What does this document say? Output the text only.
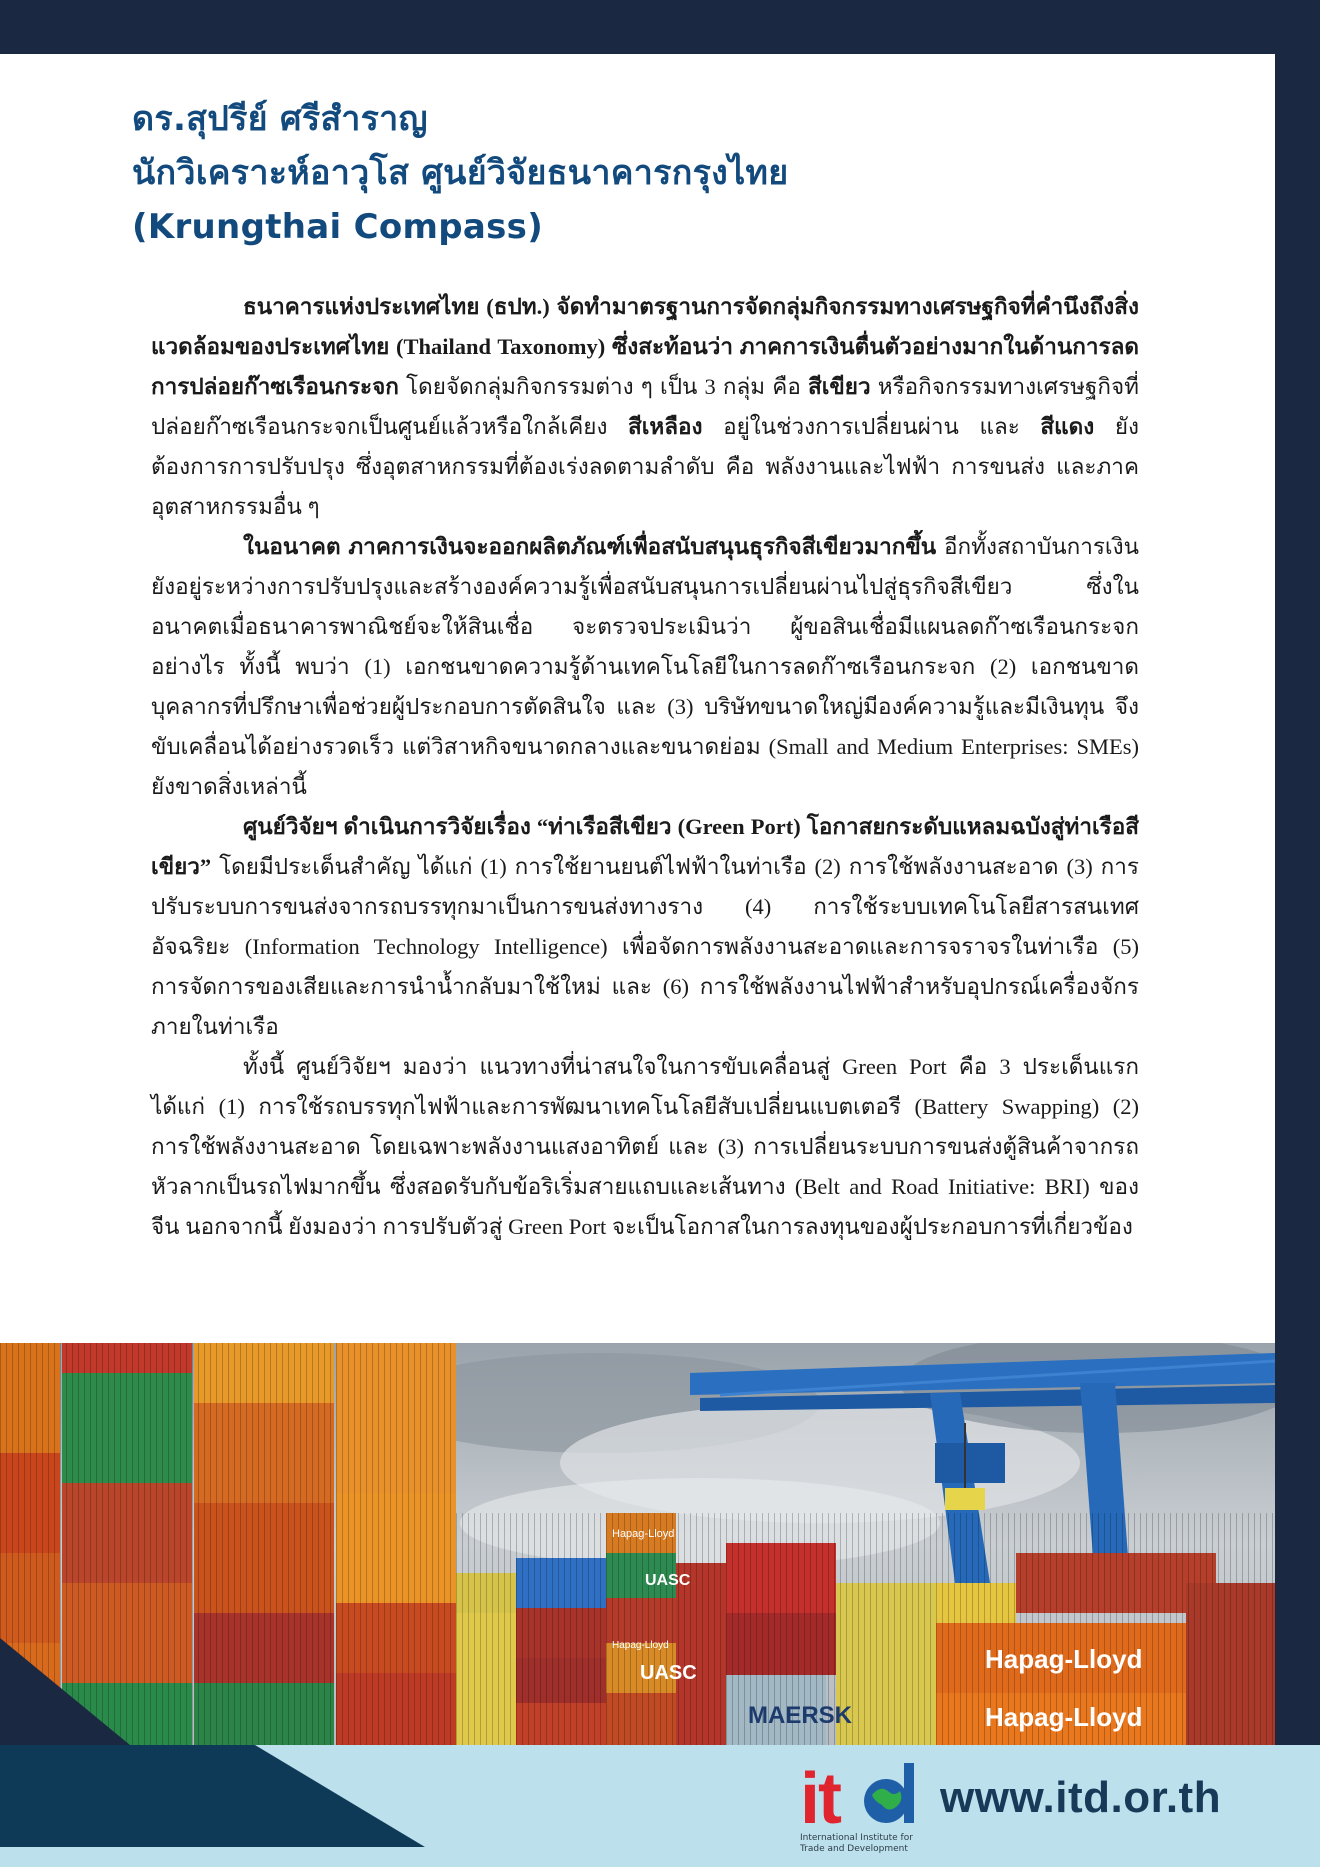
ดร.สุปรีย์ ศรีสำราญ
นักวิเคราะห์อาวุโส ศูนย์วิจัยธนาคารกรุงไทย
(Krungthai Compass)

ธนาคารแห่งประเทศไทย (ธปท.) จัดทำมาตรฐานการจัดกลุ่มกิจกรรมทางเศรษฐกิจที่คำนึงถึงสิ่งแวดล้อมของประเทศไทย (Thailand Taxonomy) ซึ่งสะท้อนว่า ภาคการเงินตื่นตัวอย่างมากในด้านการลดการปล่อยก๊าซเรือนกระจก โดยจัดกลุ่มกิจกรรมต่าง ๆ เป็น 3 กลุ่ม คือ สีเขียว หรือกิจกรรมทางเศรษฐกิจที่ปล่อยก๊าซเรือนกระจกเป็นศูนย์แล้วหรือใกล้เคียง สีเหลือง อยู่ในช่วงการเปลี่ยนผ่าน และ สีแดง ยังต้องการการปรับปรุง ซึ่งอุตสาหกรรมที่ต้องเร่งลดตามลำดับ คือ พลังงานและไฟฟ้า การขนส่ง และภาคอุตสาหกรรมอื่น ๆ

ในอนาคต ภาคการเงินจะออกผลิตภัณฑ์เพื่อสนับสนุนธุรกิจสีเขียวมากขึ้น อีกทั้งสถาบันการเงินยังอยู่ระหว่างการปรับปรุงและสร้างองค์ความรู้เพื่อสนับสนุนการเปลี่ยนผ่านไปสู่ธุรกิจสีเขียว ซึ่งในอนาคตเมื่อธนาคารพาณิชย์จะให้สินเชื่อ จะตรวจประเมินว่า ผู้ขอสินเชื่อมีแผนลดก๊าซเรือนกระจกอย่างไร ทั้งนี้ พบว่า (1) เอกชนขาดความรู้ด้านเทคโนโลยีในการลดก๊าซเรือนกระจก (2) เอกชนขาดบุคลากรที่ปรึกษาเพื่อช่วยผู้ประกอบการตัดสินใจ และ (3) บริษัทขนาดใหญ่มีองค์ความรู้และมีเงินทุน จึงขับเคลื่อนได้อย่างรวดเร็ว แต่วิสาหกิจขนาดกลางและขนาดย่อม (Small and Medium Enterprises: SMEs) ยังขาดสิ่งเหล่านี้

ศูนย์วิจัยฯ ดำเนินการวิจัยเรื่อง “ท่าเรือสีเขียว (Green Port) โอกาสยกระดับแหลมฉบังสู่ท่าเรือสีเขียว” โดยมีประเด็นสำคัญ ได้แก่ (1) การใช้ยานยนต์ไฟฟ้าในท่าเรือ (2) การใช้พลังงานสะอาด (3) การปรับระบบการขนส่งจากรถบรรทุกมาเป็นการขนส่งทางราง (4) การใช้ระบบเทคโนโลยีสารสนเทศอัจฉริยะ (Information Technology Intelligence) เพื่อจัดการพลังงานสะอาดและการจราจรในท่าเรือ (5) การจัดการของเสียและการนำน้ำกลับมาใช้ใหม่ และ (6) การใช้พลังงานไฟฟ้าสำหรับอุปกรณ์เครื่องจักรภายในท่าเรือ

ทั้งนี้ ศูนย์วิจัยฯ มองว่า แนวทางที่น่าสนใจในการขับเคลื่อนสู่ Green Port คือ 3 ประเด็นแรก ได้แก่ (1) การใช้รถบรรทุกไฟฟ้าและการพัฒนาเทคโนโลยีสับเปลี่ยนแบตเตอรี (Battery Swapping) (2) การใช้พลังงานสะอาด โดยเฉพาะพลังงานแสงอาทิตย์ และ (3) การเปลี่ยนระบบการขนส่งตู้สินค้าจากรถหัวลากเป็นรถไฟมากขึ้น ซึ่งสอดรับกับข้อริเริ่มสายแถบและเส้นทาง (Belt and Road Initiative: BRI) ของจีน นอกจากนี้ ยังมองว่า การปรับตัวสู่ Green Port จะเป็นโอกาสในการลงทุนของผู้ประกอบการที่เกี่ยวข้อง

UASC
MAERSK
Hapag-Lloyd
Hapag-Lloyd
Hapag-Lloyd
Hapag-Lloyd
UASC
it
International Institute for Trade and Development
www.itd.or.th
